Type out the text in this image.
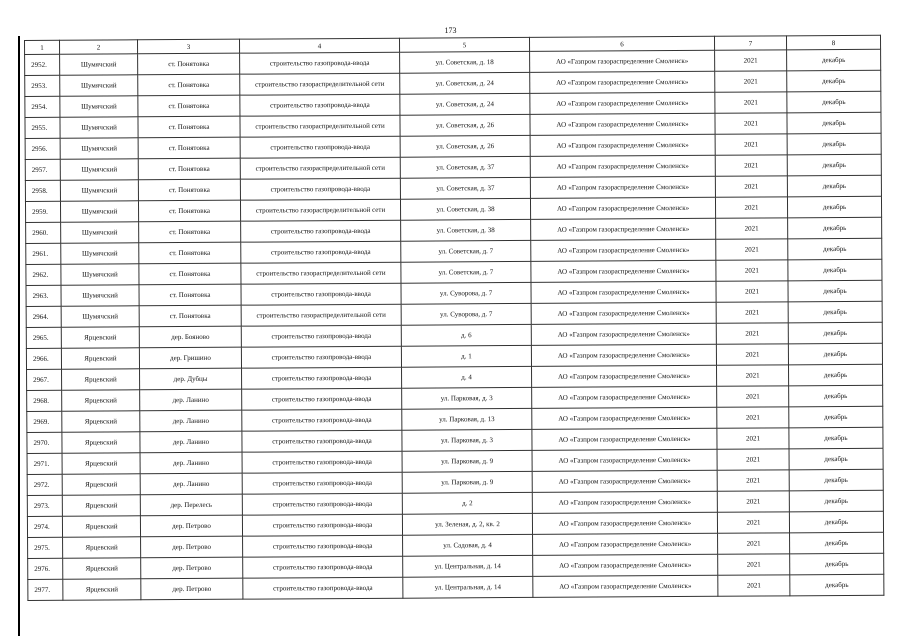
173
1	2	3	4	5	6	7	8
2952.	Шумячский	ст. Понятовка	строительство газопровода-ввода	ул. Советская, д. 18	АО «Газпром газораспределение Смоленск»	2021	декабрь
2953.	Шумячский	ст. Понятовка	строительство газораспределительной сети	ул. Советская, д. 24	АО «Газпром газораспределение Смоленск»	2021	декабрь
2954.	Шумячский	ст. Понятовка	строительство газопровода-ввода	ул. Советская, д. 24	АО «Газпром газораспределение Смоленск»	2021	декабрь
2955.	Шумячский	ст. Понятовка	строительство газораспределительной сети	ул. Советская, д. 26	АО «Газпром газораспределение Смоленск»	2021	декабрь
2956.	Шумячский	ст. Понятовка	строительство газопровода-ввода	ул. Советская, д. 26	АО «Газпром газораспределение Смоленск»	2021	декабрь
2957.	Шумячский	ст. Понятовка	строительство газораспределительной сети	ул. Советская, д. 37	АО «Газпром газораспределение Смоленск»	2021	декабрь
2958.	Шумячский	ст. Понятовка	строительство газопровода-ввода	ул. Советская, д. 37	АО «Газпром газораспределение Смоленск»	2021	декабрь
2959.	Шумячский	ст. Понятовка	строительство газораспределительной сети	ул. Советская, д. 38	АО «Газпром газораспределение Смоленск»	2021	декабрь
2960.	Шумячский	ст. Понятовка	строительство газопровода-ввода	ул. Советская, д. 38	АО «Газпром газораспределение Смоленск»	2021	декабрь
2961.	Шумячский	ст. Понятовка	строительство газопровода-ввода	ул. Советская, д. 7	АО «Газпром газораспределение Смоленск»	2021	декабрь
2962.	Шумячский	ст. Понятовка	строительство газораспределительной сети	ул. Советская, д. 7	АО «Газпром газораспределение Смоленск»	2021	декабрь
2963.	Шумячский	ст. Понятовка	строительство газопровода-ввода	ул. Суворова, д. 7	АО «Газпром газораспределение Смоленск»	2021	декабрь
2964.	Шумячский	ст. Понятовка	строительство газораспределительной сети	ул. Суворова, д. 7	АО «Газпром газораспределение Смоленск»	2021	декабрь
2965.	Ярцевский	дер. Бояново	строительство газопровода-ввода	д. 6	АО «Газпром газораспределение Смоленск»	2021	декабрь
2966.	Ярцевский	дер. Гришино	строительство газопровода-ввода	д. 1	АО «Газпром газораспределение Смоленск»	2021	декабрь
2967.	Ярцевский	дер. Дубцы	строительство газопровода-ввода	д. 4	АО «Газпром газораспределение Смоленск»	2021	декабрь
2968.	Ярцевский	дер. Ланино	строительство газопровода-ввода	ул. Парковая, д. 3	АО «Газпром газораспределение Смоленск»	2021	декабрь
2969.	Ярцевский	дер. Ланино	строительство газопровода-ввода	ул. Парковая, д. 13	АО «Газпром газораспределение Смоленск»	2021	декабрь
2970.	Ярцевский	дер. Ланино	строительство газопровода-ввода	ул. Парковая, д. 3	АО «Газпром газораспределение Смоленск»	2021	декабрь
2971.	Ярцевский	дер. Ланино	строительство газопровода-ввода	ул. Парковая, д. 9	АО «Газпром газораспределение Смоленск»	2021	декабрь
2972.	Ярцевский	дер. Ланино	строительство газопровода-ввода	ул. Парковая, д. 9	АО «Газпром газораспределение Смоленск»	2021	декабрь
2973.	Ярцевский	дер. Перелесь	строительство газопровода-ввода	д. 2	АО «Газпром газораспределение Смоленск»	2021	декабрь
2974.	Ярцевский	дер. Петрово	строительство газопровода-ввода	ул. Зеленая, д. 2, кв. 2	АО «Газпром газораспределение Смоленск»	2021	декабрь
2975.	Ярцевский	дер. Петрово	строительство газопровода-ввода	ул. Садовая, д. 4	АО «Газпром газораспределение Смоленск»	2021	декабрь
2976.	Ярцевский	дер. Петрово	строительство газопровода-ввода	ул. Центральная, д. 14	АО «Газпром газораспределение Смоленск»	2021	декабрь
2977.	Ярцевский	дер. Петрово	строительство газопровода-ввода	ул. Центральная, д. 14	АО «Газпром газораспределение Смоленск»	2021	декабрь
